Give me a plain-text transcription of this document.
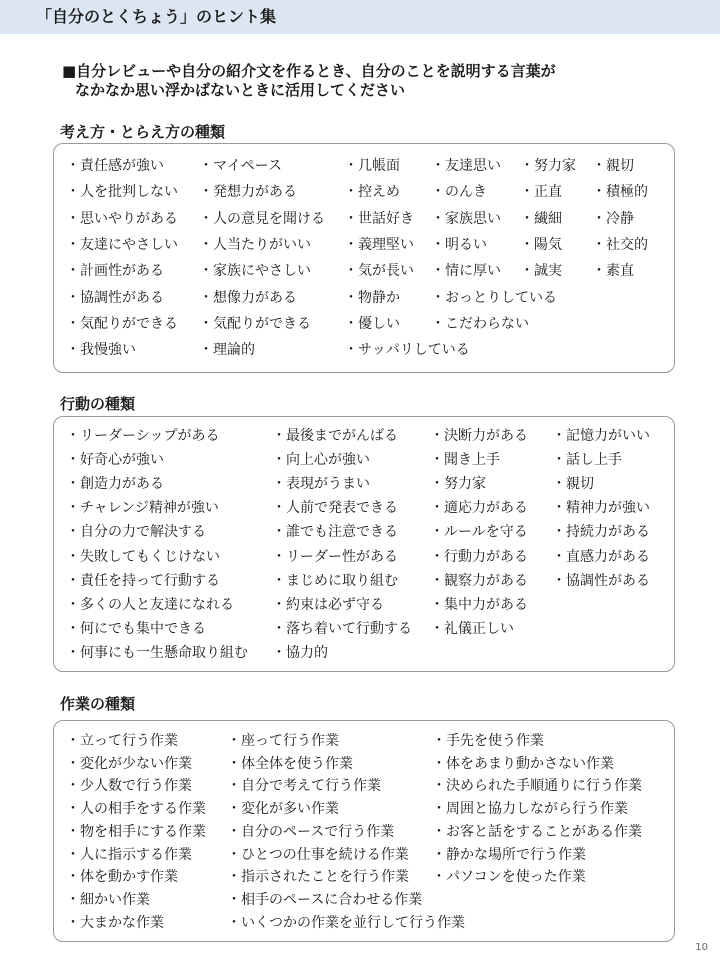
「自分のとくちょう」のヒント集
■自分レビューや自分の紹介文を作るとき、自分のことを説明する言葉が
なかなか思い浮かばないときに活用してください
考え方・とらえ方の種類
・責任感が強い
・人を批判しない
・思いやりがある
・友達にやさしい
・計画性がある
・協調性がある
・気配りができる
・我慢強い
・マイペース
・発想力がある
・人の意見を聞ける
・人当たりがいい
・家族にやさしい
・想像力がある
・気配りができる
・理論的
・几帳面
・控えめ
・世話好き
・義理堅い
・気が長い
・物静か
・優しい
・サッパリしている
・友達思い
・のんき
・家族思い
・明るい
・情に厚い
・おっとりしている
・こだわらない
・努力家
・正直
・繊細
・陽気
・誠実
・親切
・積極的
・冷静
・社交的
・素直
行動の種類
・リーダーシップがある
・好奇心が強い
・創造力がある
・チャレンジ精神が強い
・自分の力で解決する
・失敗してもくじけない
・責任を持って行動する
・多くの人と友達になれる
・何にでも集中できる
・何事にも一生懸命取り組む
・最後までがんばる
・向上心が強い
・表現がうまい
・人前で発表できる
・誰でも注意できる
・リーダー性がある
・まじめに取り組む
・約束は必ず守る
・落ち着いて行動する
・協力的
・決断力がある
・聞き上手
・努力家
・適応力がある
・ルールを守る
・行動力がある
・観察力がある
・集中力がある
・礼儀正しい
・記憶力がいい
・話し上手
・親切
・精神力が強い
・持続力がある
・直感力がある
・協調性がある
作業の種類
・立って行う作業
・変化が少ない作業
・少人数で行う作業
・人の相手をする作業
・物を相手にする作業
・人に指示する作業
・体を動かす作業
・細かい作業
・大まかな作業
・座って行う作業
・体全体を使う作業
・自分で考えて行う作業
・変化が多い作業
・自分のペースで行う作業
・ひとつの仕事を続ける作業
・指示されたことを行う作業
・相手のペースに合わせる作業
・いくつかの作業を並行して行う作業
・手先を使う作業
・体をあまり動かさない作業
・決められた手順通りに行う作業
・周囲と協力しながら行う作業
・お客と話をすることがある作業
・静かな場所で行う作業
・パソコンを使った作業
10
